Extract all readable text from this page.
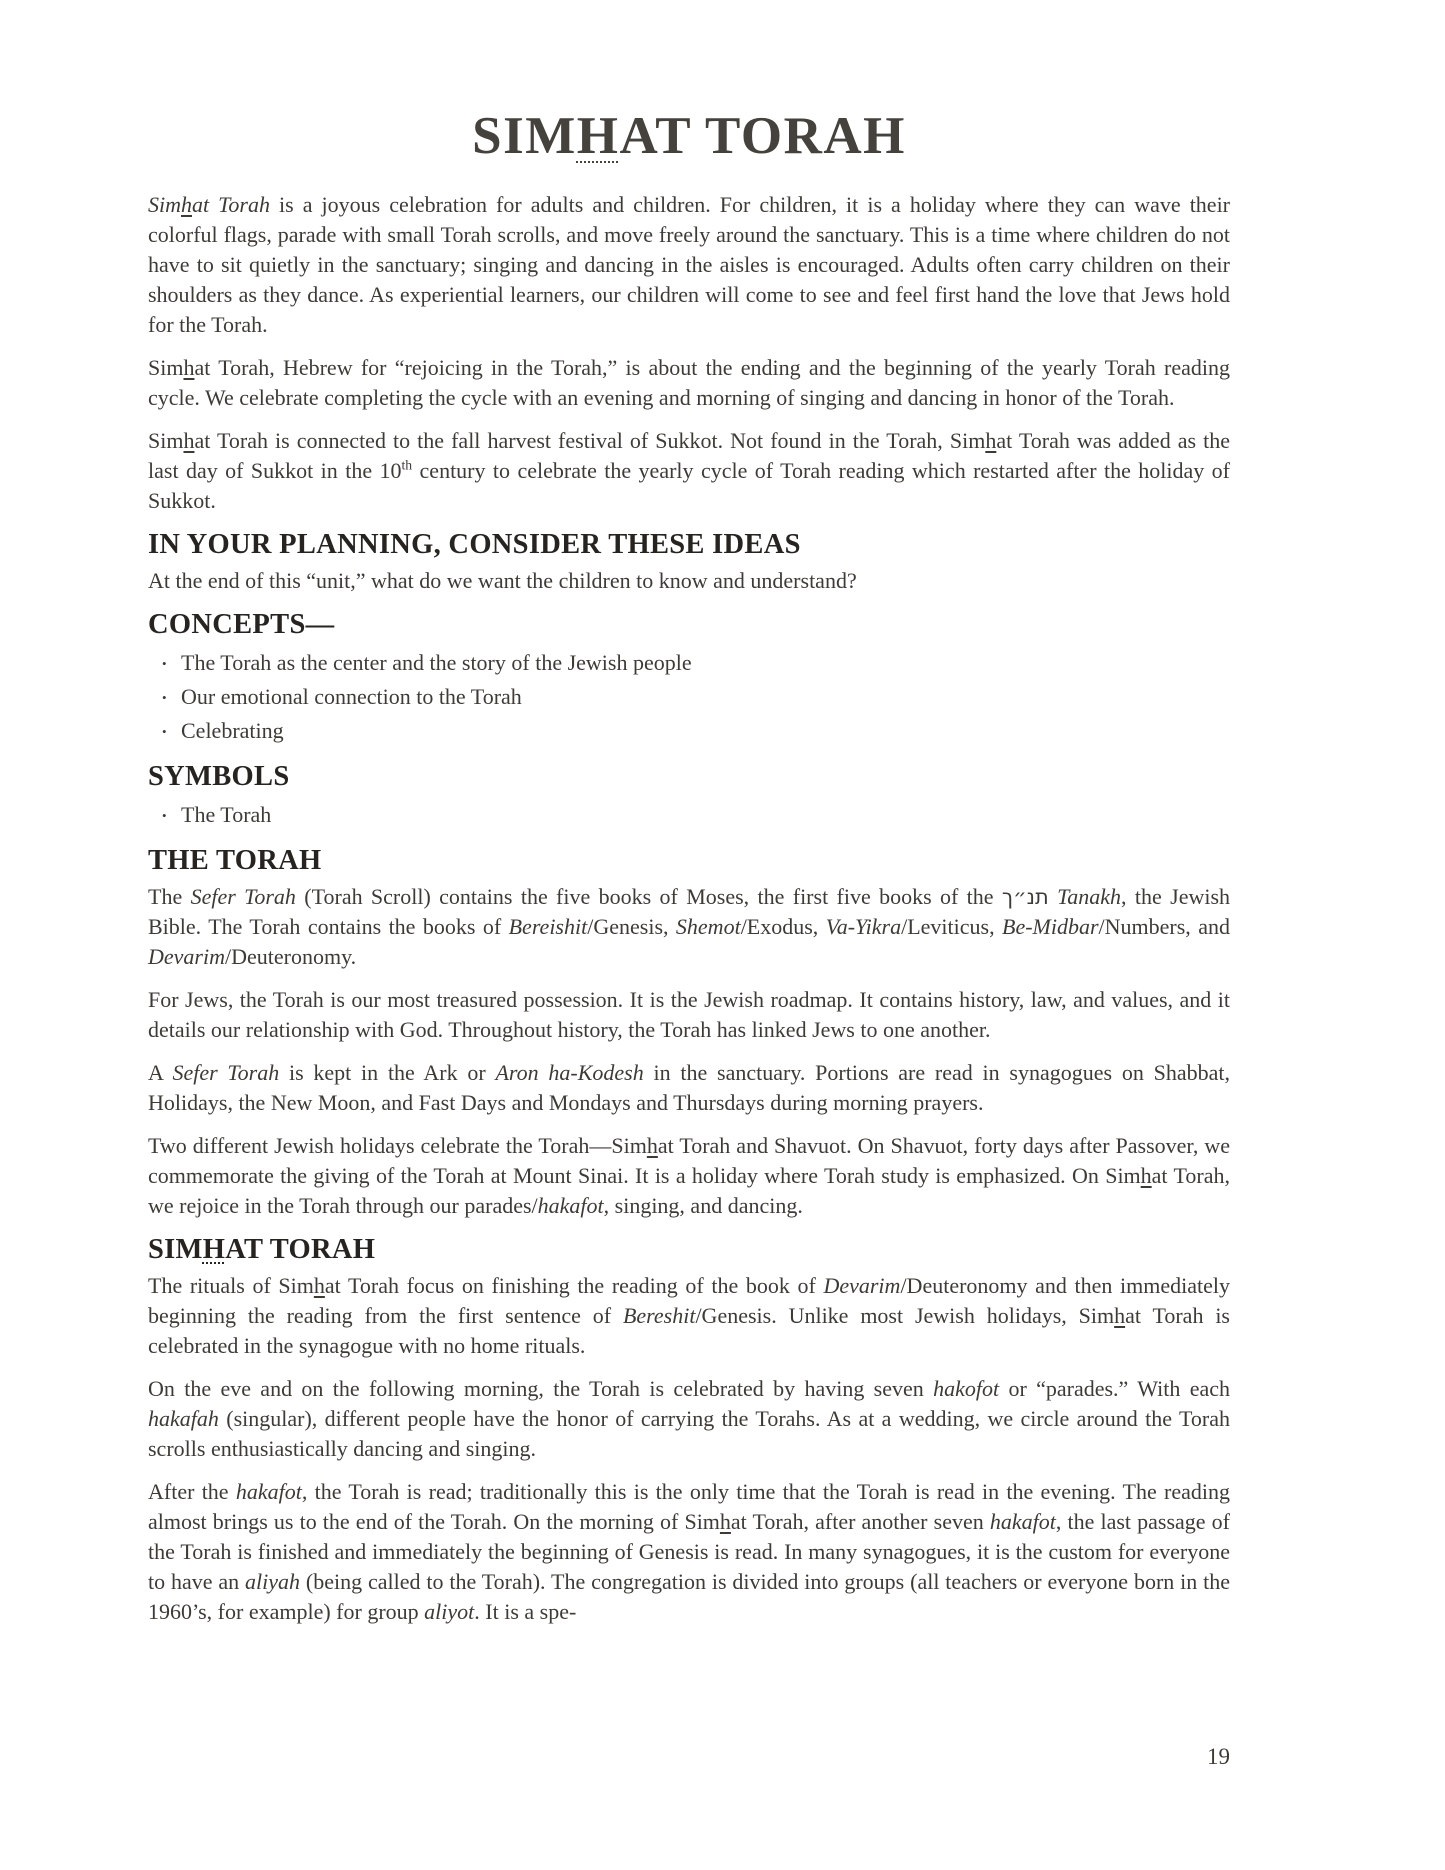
SIMHAT TORAH

Simhat Torah is a joyous celebration for adults and children. For children, it is a holiday where they can wave their colorful flags, parade with small Torah scrolls, and move freely around the sanctuary. This is a time where children do not have to sit quietly in the sanctuary; singing and dancing in the aisles is encouraged. Adults often carry children on their shoulders as they dance. As experiential learners, our children will come to see and feel first hand the love that Jews hold for the Torah.

Simhat Torah, Hebrew for “rejoicing in the Torah,” is about the ending and the beginning of the yearly Torah reading cycle. We celebrate completing the cycle with an evening and morning of singing and dancing in honor of the Torah.

Simhat Torah is connected to the fall harvest festival of Sukkot. Not found in the Torah, Simhat Torah was added as the last day of Sukkot in the 10th century to celebrate the yearly cycle of Torah reading which restarted after the holiday of Sukkot.

IN YOUR PLANNING, CONSIDER THESE IDEAS

At the end of this “unit,” what do we want the children to know and understand?

CONCEPTS—
• The Torah as the center and the story of the Jewish people
• Our emotional connection to the Torah
• Celebrating
SYMBOLS
• The Torah
THE TORAH

The Sefer Torah (Torah Scroll) contains the five books of Moses, the first five books of the תנ״ך Tanakh, the Jewish Bible. The Torah contains the books of Bereishit/Genesis, Shemot/Exodus, Va-Yikra/Leviticus, Be-Midbar/Numbers, and Devarim/Deuteronomy.

For Jews, the Torah is our most treasured possession. It is the Jewish roadmap. It contains history, law, and values, and it details our relationship with God. Throughout history, the Torah has linked Jews to one another.

A Sefer Torah is kept in the Ark or Aron ha-Kodesh in the sanctuary. Portions are read in synagogues on Shabbat, Holidays, the New Moon, and Fast Days and Mondays and Thursdays during morning prayers.

Two different Jewish holidays celebrate the Torah—Simhat Torah and Shavuot. On Shavuot, forty days after Passover, we commemorate the giving of the Torah at Mount Sinai. It is a holiday where Torah study is emphasized. On Simhat Torah, we rejoice in the Torah through our parades/hakafot, singing, and dancing.

SIMHAT TORAH

The rituals of Simhat Torah focus on finishing the reading of the book of Devarim/Deuteronomy and then immediately beginning the reading from the first sentence of Bereshit/Genesis. Unlike most Jewish holidays, Simhat Torah is celebrated in the synagogue with no home rituals.

On the eve and on the following morning, the Torah is celebrated by having seven hakofot or “parades.” With each hakafah (singular), different people have the honor of carrying the Torahs. As at a wedding, we circle around the Torah scrolls enthusiastically dancing and singing.

After the hakafot, the Torah is read; traditionally this is the only time that the Torah is read in the evening. The reading almost brings us to the end of the Torah. On the morning of Simhat Torah, after another seven hakafot, the last passage of the Torah is finished and immediately the beginning of Genesis is read. In many synagogues, it is the custom for everyone to have an aliyah (being called to the Torah). The congregation is divided into groups (all teachers or everyone born in the 1960’s, for example) for group aliyot. It is a spe-

19
